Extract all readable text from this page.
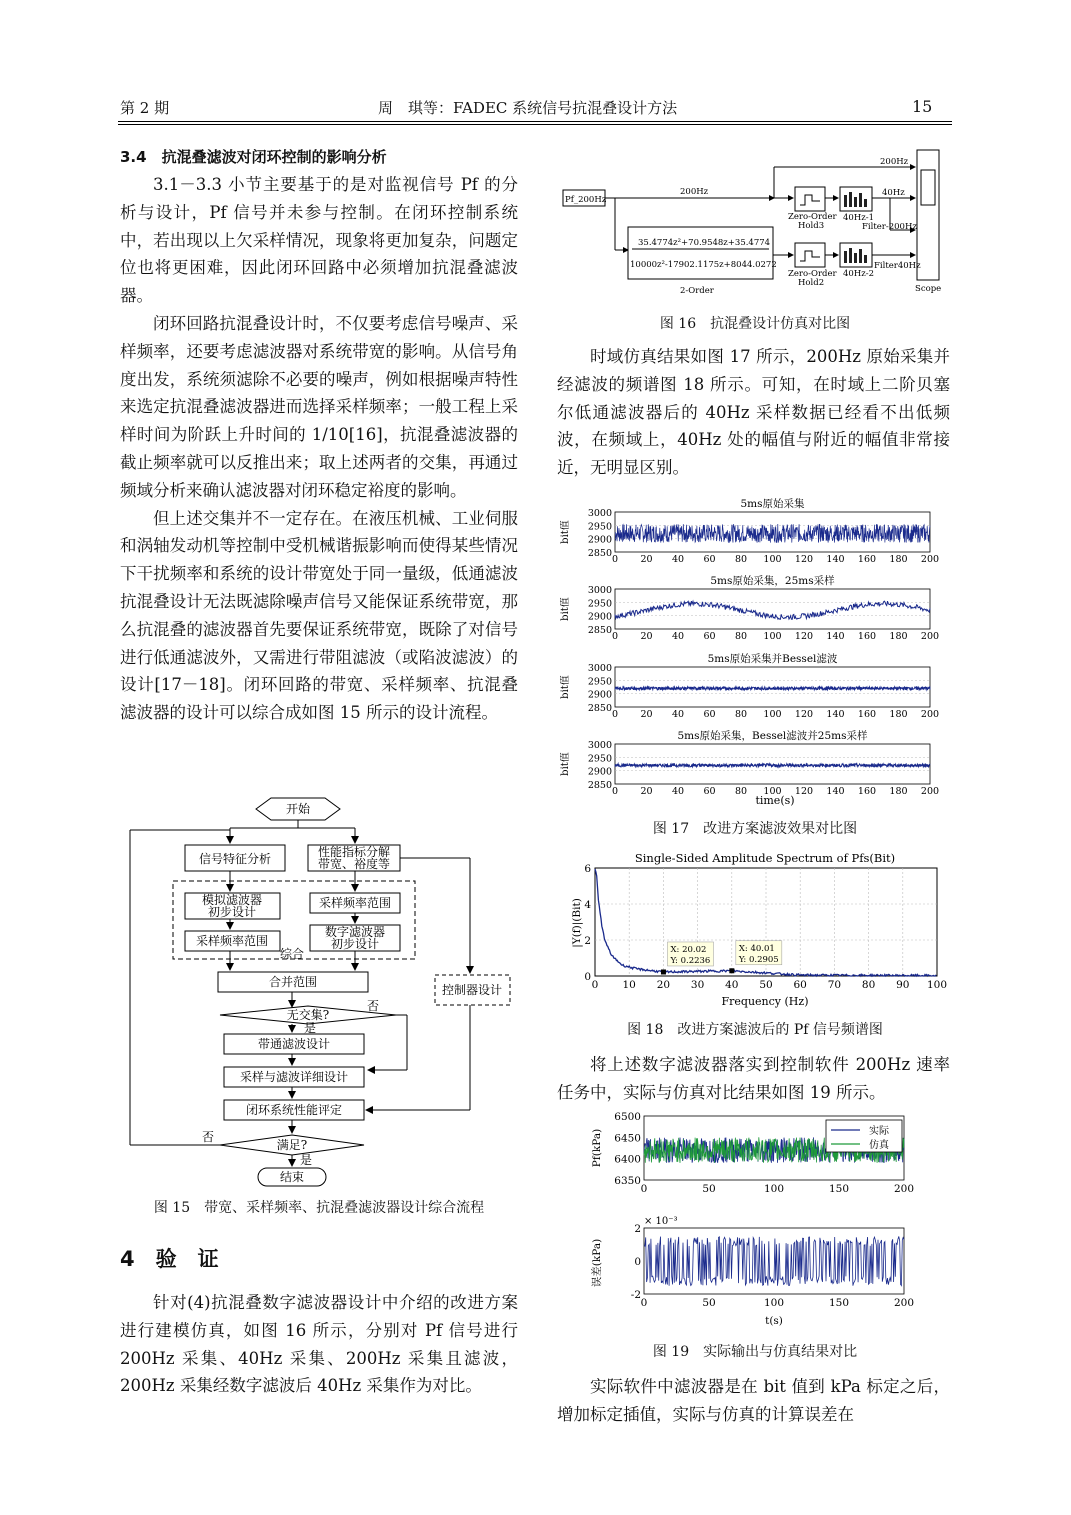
第 2 期	周　琪等：FADEC 系统信号抗混叠设计方法	15
3.4　抗混叠滤波对闭环控制的影响分析

3.1－3.3 小节主要基于的是对监视信号 Pf 的分析与设计，Pf 信号并未参与控制。在闭环控制系统中，若出现以上欠采样情况，现象将更加复杂，问题定位也将更困难，因此闭环回路中必须增加抗混叠滤波器。

闭环回路抗混叠设计时，不仅要考虑信号噪声、采样频率，还要考虑滤波器对系统带宽的影响。从信号角度出发，系统须滤除不必要的噪声，例如根据噪声特性来选定抗混叠滤波器进而选择采样频率；一般工程上采样时间为阶跃上升时间的 1/10[16]，抗混叠滤波器的截止频率就可以反推出来；取上述两者的交集，再通过频域分析来确认滤波器对闭环稳定裕度的影响。

但上述交集并不一定存在。在液压机械、工业伺服和涡轴发动机等控制中受机械谐振影响而使得某些情况下干扰频率和系统的设计带宽处于同一量级，低通滤波抗混叠设计无法既滤除噪声信号又能保证系统带宽，那么抗混叠的滤波器首先要保证系统带宽，既除了对信号进行低通滤波外，又需进行带阻滤波（或陷波滤波）的设计[17－18]。闭环回路的带宽、采样频率、抗混叠滤波器的设计可以综合成如图 15 所示的设计流程。

开始
信号特征分析	性能指标分解
带宽、裕度等
模拟滤波器
初步设计
采样频率范围
采样频率范围
数字滤波器
初步设计
综合
合并范围
控制器设计
无交集?
否
是
带通滤波设计
采样与滤波详细设计
闭环系统性能评定
满足?
否
是
结束
图 15　带宽、采样频率、抗混叠滤波器设计综合流程
4　验　证

针对(4)抗混叠数字滤波器设计中介绍的改进方案进行建模仿真，如图 16 所示，分别对 Pf 信号进行 200Hz 采集、40Hz 采集、200Hz 采集且滤波，200Hz 采集经数字滤波后 40Hz 采集作为对比。

Pf_200Hz
200Hz
200Hz
40Hz
Zero-Order
Hold3
40Hz-1
Filter-200Hz
35.4774z²+70.9548z+35.4774
10000z²-17902.1175z+8044.0272
2-Order
Zero-Order
Hold2
40Hz-2
Filter40Hz
Scope
图 16　抗混叠设计仿真对比图

时域仿真结果如图 17 所示，200Hz 原始采集并经滤波的频谱图 18 所示。可知，在时域上二阶贝塞尔低通滤波器后的 40Hz 采样数据已经看不出低频波，在频域上，40Hz 处的幅值与附近的幅值非常接近，无明显区别。

5ms原始采集
3000
2950
2900
2850
0 20 40 60 80 100 120 140 160 180 200
bit值
5ms原始采集，25ms采样
3000
2950
2900
2850
0 20 40 60 80 100 120 140 160 180 200
bit值
5ms原始采集并Bessel滤波
3000
2950
2900
2850
0 20 40 60 80 100 120 140 160 180 200
bit值
5ms原始采集，Bessel滤波并25ms采样
3000
2950
2900
2850
0 20 40 60 80 100 120 140 160 180 200
bit值
time(s)
图 17　改进方案滤波效果对比图
Single-Sided Amplitude Spectrum of Pfs(Bit)
0 10 20 30 40 50 60 70 80 90 100
6
4
2
0
|Y(f)|(Bit)
Frequency (Hz)
X: 20.02
Y: 0.2236
X: 40.01
Y: 0.2905
图 18　改进方案滤波后的 Pf 信号频谱图

将上述数字滤波器落实到控制软件 200Hz 速率任务中，实际与仿真对比结果如图 19 所示。

6500
6450
6400
6350
0	50	100	150	200
2
0
-2
0	50	100	150	200
Pf(kPa)
误差(kPa)
× 10⁻³
t(s)
实际
仿真
图 19　实际输出与仿真结果对比

实际软件中滤波器是在 bit 值到 kPa 标定之后，增加标定插值，实际与仿真的计算误差在
